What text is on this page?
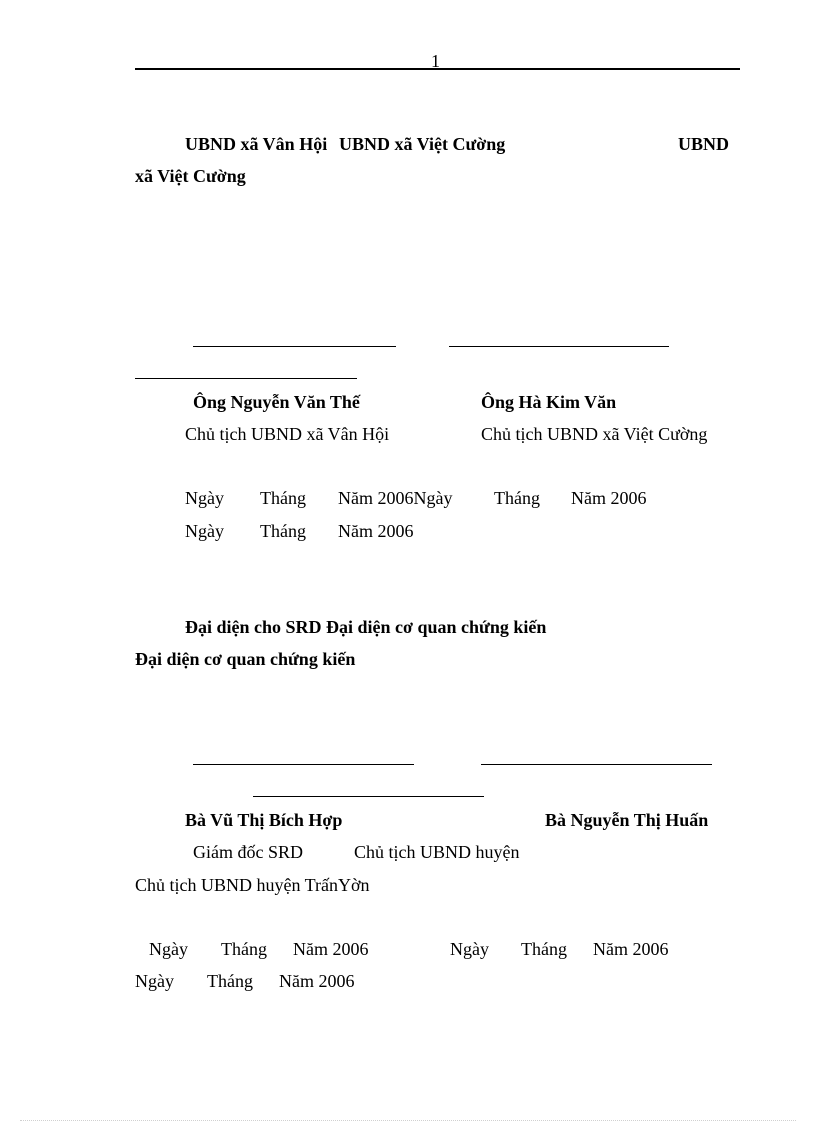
1
UBND xã Vân Hội UBND xã Việt Cường	UBND
xã Việt Cường
Ông Nguyễn Văn Thế	Ông Hà Kim Văn
Chủ tịch UBND xã Vân Hội	Chủ tịch UBND xã Việt Cường
Ngày Tháng Năm 2006Ngày Tháng Năm 2006
Ngày Tháng Năm 2006
Đại diện cho SRD Đại diện cơ quan chứng kiến
Đại diện cơ quan chứng kiến
Bà Vũ Thị Bích Hợp	Bà Nguyễn Thị Huấn
Giám đốc SRD	Chủ tịch UBND huyện
Chủ tịch UBND huyện TrấnYờn
Ngày Tháng Năm 2006	Ngày Tháng Năm 2006
Ngày Tháng Năm 2006
